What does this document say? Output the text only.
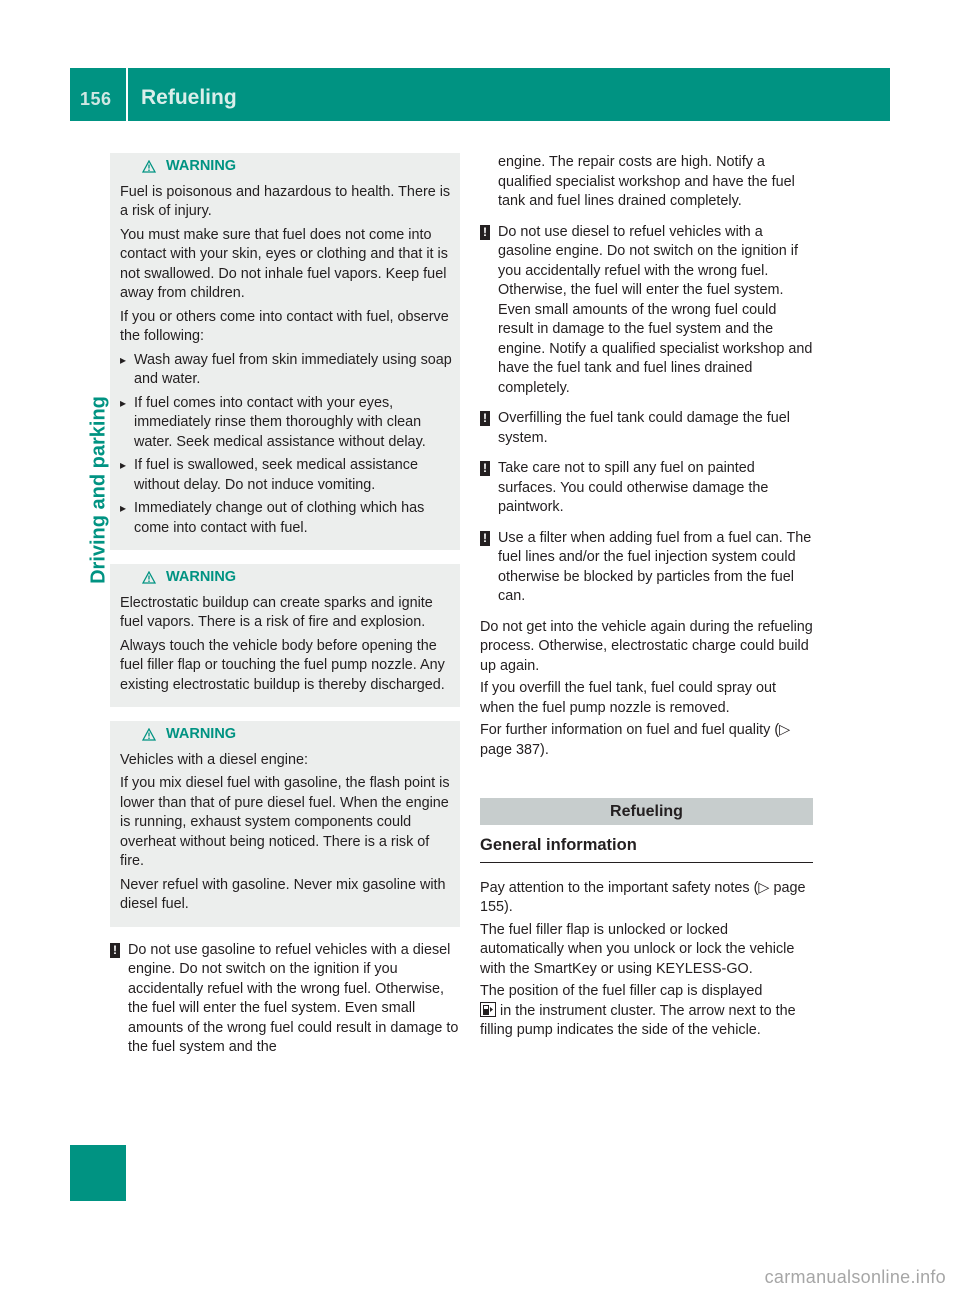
156 Refueling
Driving and parking
WARNING

Fuel is poisonous and hazardous to health. There is a risk of injury.

You must make sure that fuel does not come into contact with your skin, eyes or clothing and that it is not swallowed. Do not inhale fuel vapors. Keep fuel away from children.

If you or others come into contact with fuel, observe the following:

▸ Wash away fuel from skin immediately using soap and water.
▸ If fuel comes into contact with your eyes, immediately rinse them thoroughly with clean water. Seek medical assistance without delay.
▸ If fuel is swallowed, seek medical assistance without delay. Do not induce vomiting.
▸ Immediately change out of clothing which has come into contact with fuel.
WARNING

Electrostatic buildup can create sparks and ignite fuel vapors. There is a risk of fire and explosion.

Always touch the vehicle body before opening the fuel filler flap or touching the fuel pump nozzle. Any existing electrostatic buildup is thereby discharged.

WARNING

Vehicles with a diesel engine:

If you mix diesel fuel with gasoline, the flash point is lower than that of pure diesel fuel. When the engine is running, exhaust system components could overheat without being noticed. There is a risk of fire.

Never refuel with gasoline. Never mix gasoline with diesel fuel.

! Do not use gasoline to refuel vehicles with a diesel engine. Do not switch on the ignition if you accidentally refuel with the wrong fuel. Otherwise, the fuel will enter the fuel system. Even small amounts of the wrong fuel could result in damage to the fuel system and the

engine. The repair costs are high. Notify a qualified specialist workshop and have the fuel tank and fuel lines drained completely.

! Do not use diesel to refuel vehicles with a gasoline engine. Do not switch on the ignition if you accidentally refuel with the wrong fuel. Otherwise, the fuel will enter the fuel system. Even small amounts of the wrong fuel could result in damage to the fuel system and the engine. Notify a qualified specialist workshop and have the fuel tank and fuel lines drained completely.
! Overfilling the fuel tank could damage the fuel system.
! Take care not to spill any fuel on painted surfaces. You could otherwise damage the paintwork.
! Use a filter when adding fuel from a fuel can. The fuel lines and/or the fuel injection system could otherwise be blocked by particles from the fuel can.

Do not get into the vehicle again during the refueling process. Otherwise, electrostatic charge could build up again.

If you overfill the fuel tank, fuel could spray out when the fuel pump nozzle is removed.

For further information on fuel and fuel quality (▷ page 387).

Refueling
General information

Pay attention to the important safety notes (▷ page 155).

The fuel filler flap is unlocked or locked automatically when you unlock or lock the vehicle with the SmartKey or using KEYLESS-GO.

The position of the fuel filler cap is displayed
in the instrument cluster. The arrow next to the filling pump indicates the side of the vehicle.

carmanualsonline.info
